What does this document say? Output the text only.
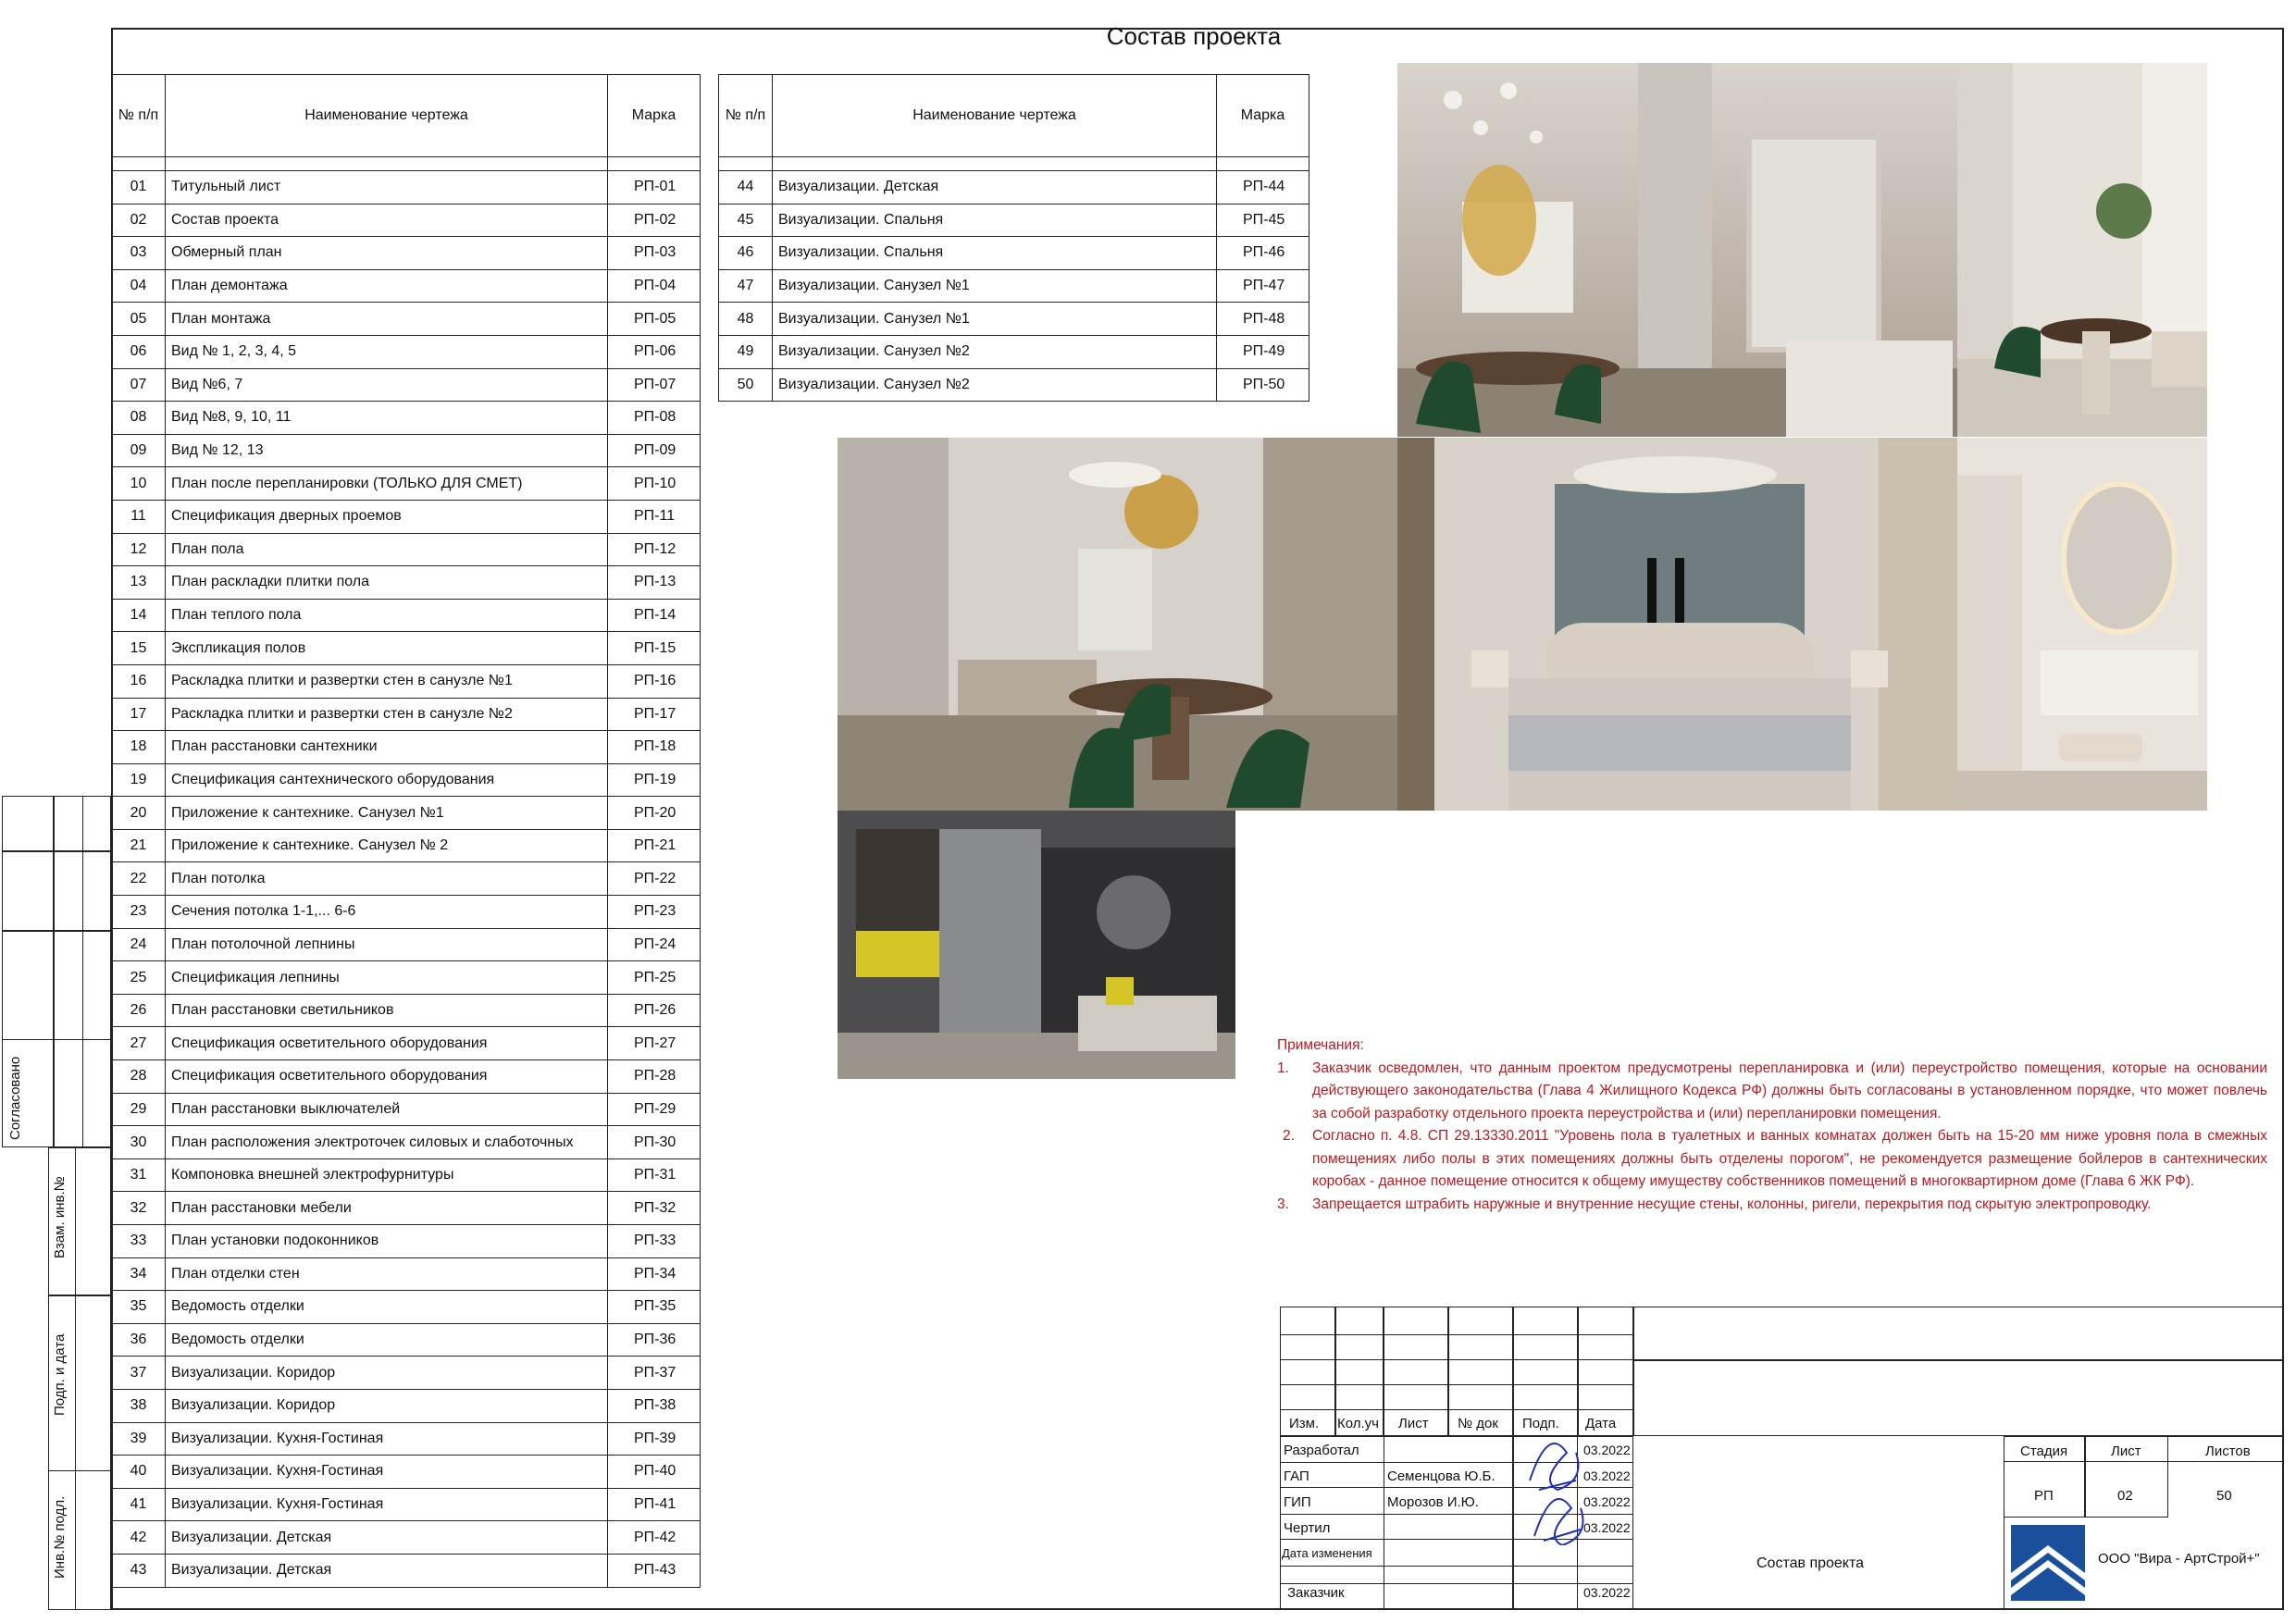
Состав проекта
Согласовано
Взам. инв.№
Подп. и дата
Инв.№ подл.
№ п/п	Наименование чертежа	Марка

01	Титульный лист	РП-01
02	Состав проекта	РП-02
03	Обмерный план	РП-03
04	План демонтажа	РП-04
05	План монтажа	РП-05
06	Вид № 1, 2, 3, 4, 5	РП-06
07	Вид №6, 7	РП-07
08	Вид №8, 9, 10, 11	РП-08
09	Вид № 12, 13	РП-09
10	План после перепланировки (ТОЛЬКО ДЛЯ СМЕТ)	РП-10
11	Спецификация дверных проемов	РП-11
12	План пола	РП-12
13	План раскладки плитки пола	РП-13
14	План теплого пола	РП-14
15	Экспликация полов	РП-15
16	Раскладка плитки и развертки стен в санузле №1	РП-16
17	Раскладка плитки и развертки стен в санузле №2	РП-17
18	План расстановки сантехники	РП-18
19	Спецификация сантехнического оборудования	РП-19
20	Приложение к сантехнике. Санузел №1	РП-20
21	Приложение к сантехнике. Санузел № 2	РП-21
22	План потолка	РП-22
23	Сечения потолка 1-1,... 6-6	РП-23
24	План потолочной лепнины	РП-24
25	Спецификация лепнины	РП-25
26	План расстановки светильников	РП-26
27	Спецификация осветительного оборудования	РП-27
28	Спецификация осветительного оборудования	РП-28
29	План расстановки выключателей	РП-29
30	План расположения электроточек силовых и слаботочных	РП-30
31	Компоновка внешней электрофурнитуры	РП-31
32	План расстановки мебели	РП-32
33	План установки подоконников	РП-33
34	План отделки стен	РП-34
35	Ведомость отделки	РП-35
36	Ведомость отделки	РП-36
37	Визуализации. Коридор	РП-37
38	Визуализации. Коридор	РП-38
39	Визуализации. Кухня-Гостиная	РП-39
40	Визуализации. Кухня-Гостиная	РП-40
41	Визуализации. Кухня-Гостиная	РП-41
42	Визуализации. Детская	РП-42
43	Визуализации. Детская	РП-43
№ п/п	Наименование чертежа	Марка

44	Визуализации. Детская	РП-44
45	Визуализации. Спальня	РП-45
46	Визуализации. Спальня	РП-46
47	Визуализации. Санузел №1	РП-47
48	Визуализации. Санузел №1	РП-48
49	Визуализации. Санузел №2	РП-49
50	Визуализации. Санузел №2	РП-50
Примечания:
1.	Заказчик осведомлен, что данным проектом предусмотрены перепланировка и (или) переустройство помещения, которые на основании действующего законодательства (Глава 4 Жилищного Кодекса РФ) должны быть согласованы в установленном порядке, что может повлечь за собой разработку отдельного проекта переустройства и (или) перепланировки помещения.
2.	Согласно п. 4.8. СП 29.13330.2011 "Уровень пола в туалетных и ванных комнатах должен быть на 15-20 мм ниже уровня пола в смежных помещениях либо полы в этих помещениях должны быть отделены порогом", не рекомендуется размещение бойлеров в сантехнических коробах - данное помещение относится к общему имуществу собственников помещений в многоквартирном доме (Глава 6 ЖК РФ).
3.	Запрещается штрабить наружные и внутренние несущие стены, колонны, ригели, перекрытия под скрытую электропроводку.
Изм. Кол.уч Лист № док Подп. Дата
Разработал	03.2022
ГАП	Семенцова Ю.Б.	03.2022
ГИП	Морозов И.Ю.	03.2022
Чертил	03.2022
Дата изменения
Заказчик	03.2022
Состав проекта
Стадия	Лист	Листов
РП	02	50
ООО "Вира - АртСтрой+"
